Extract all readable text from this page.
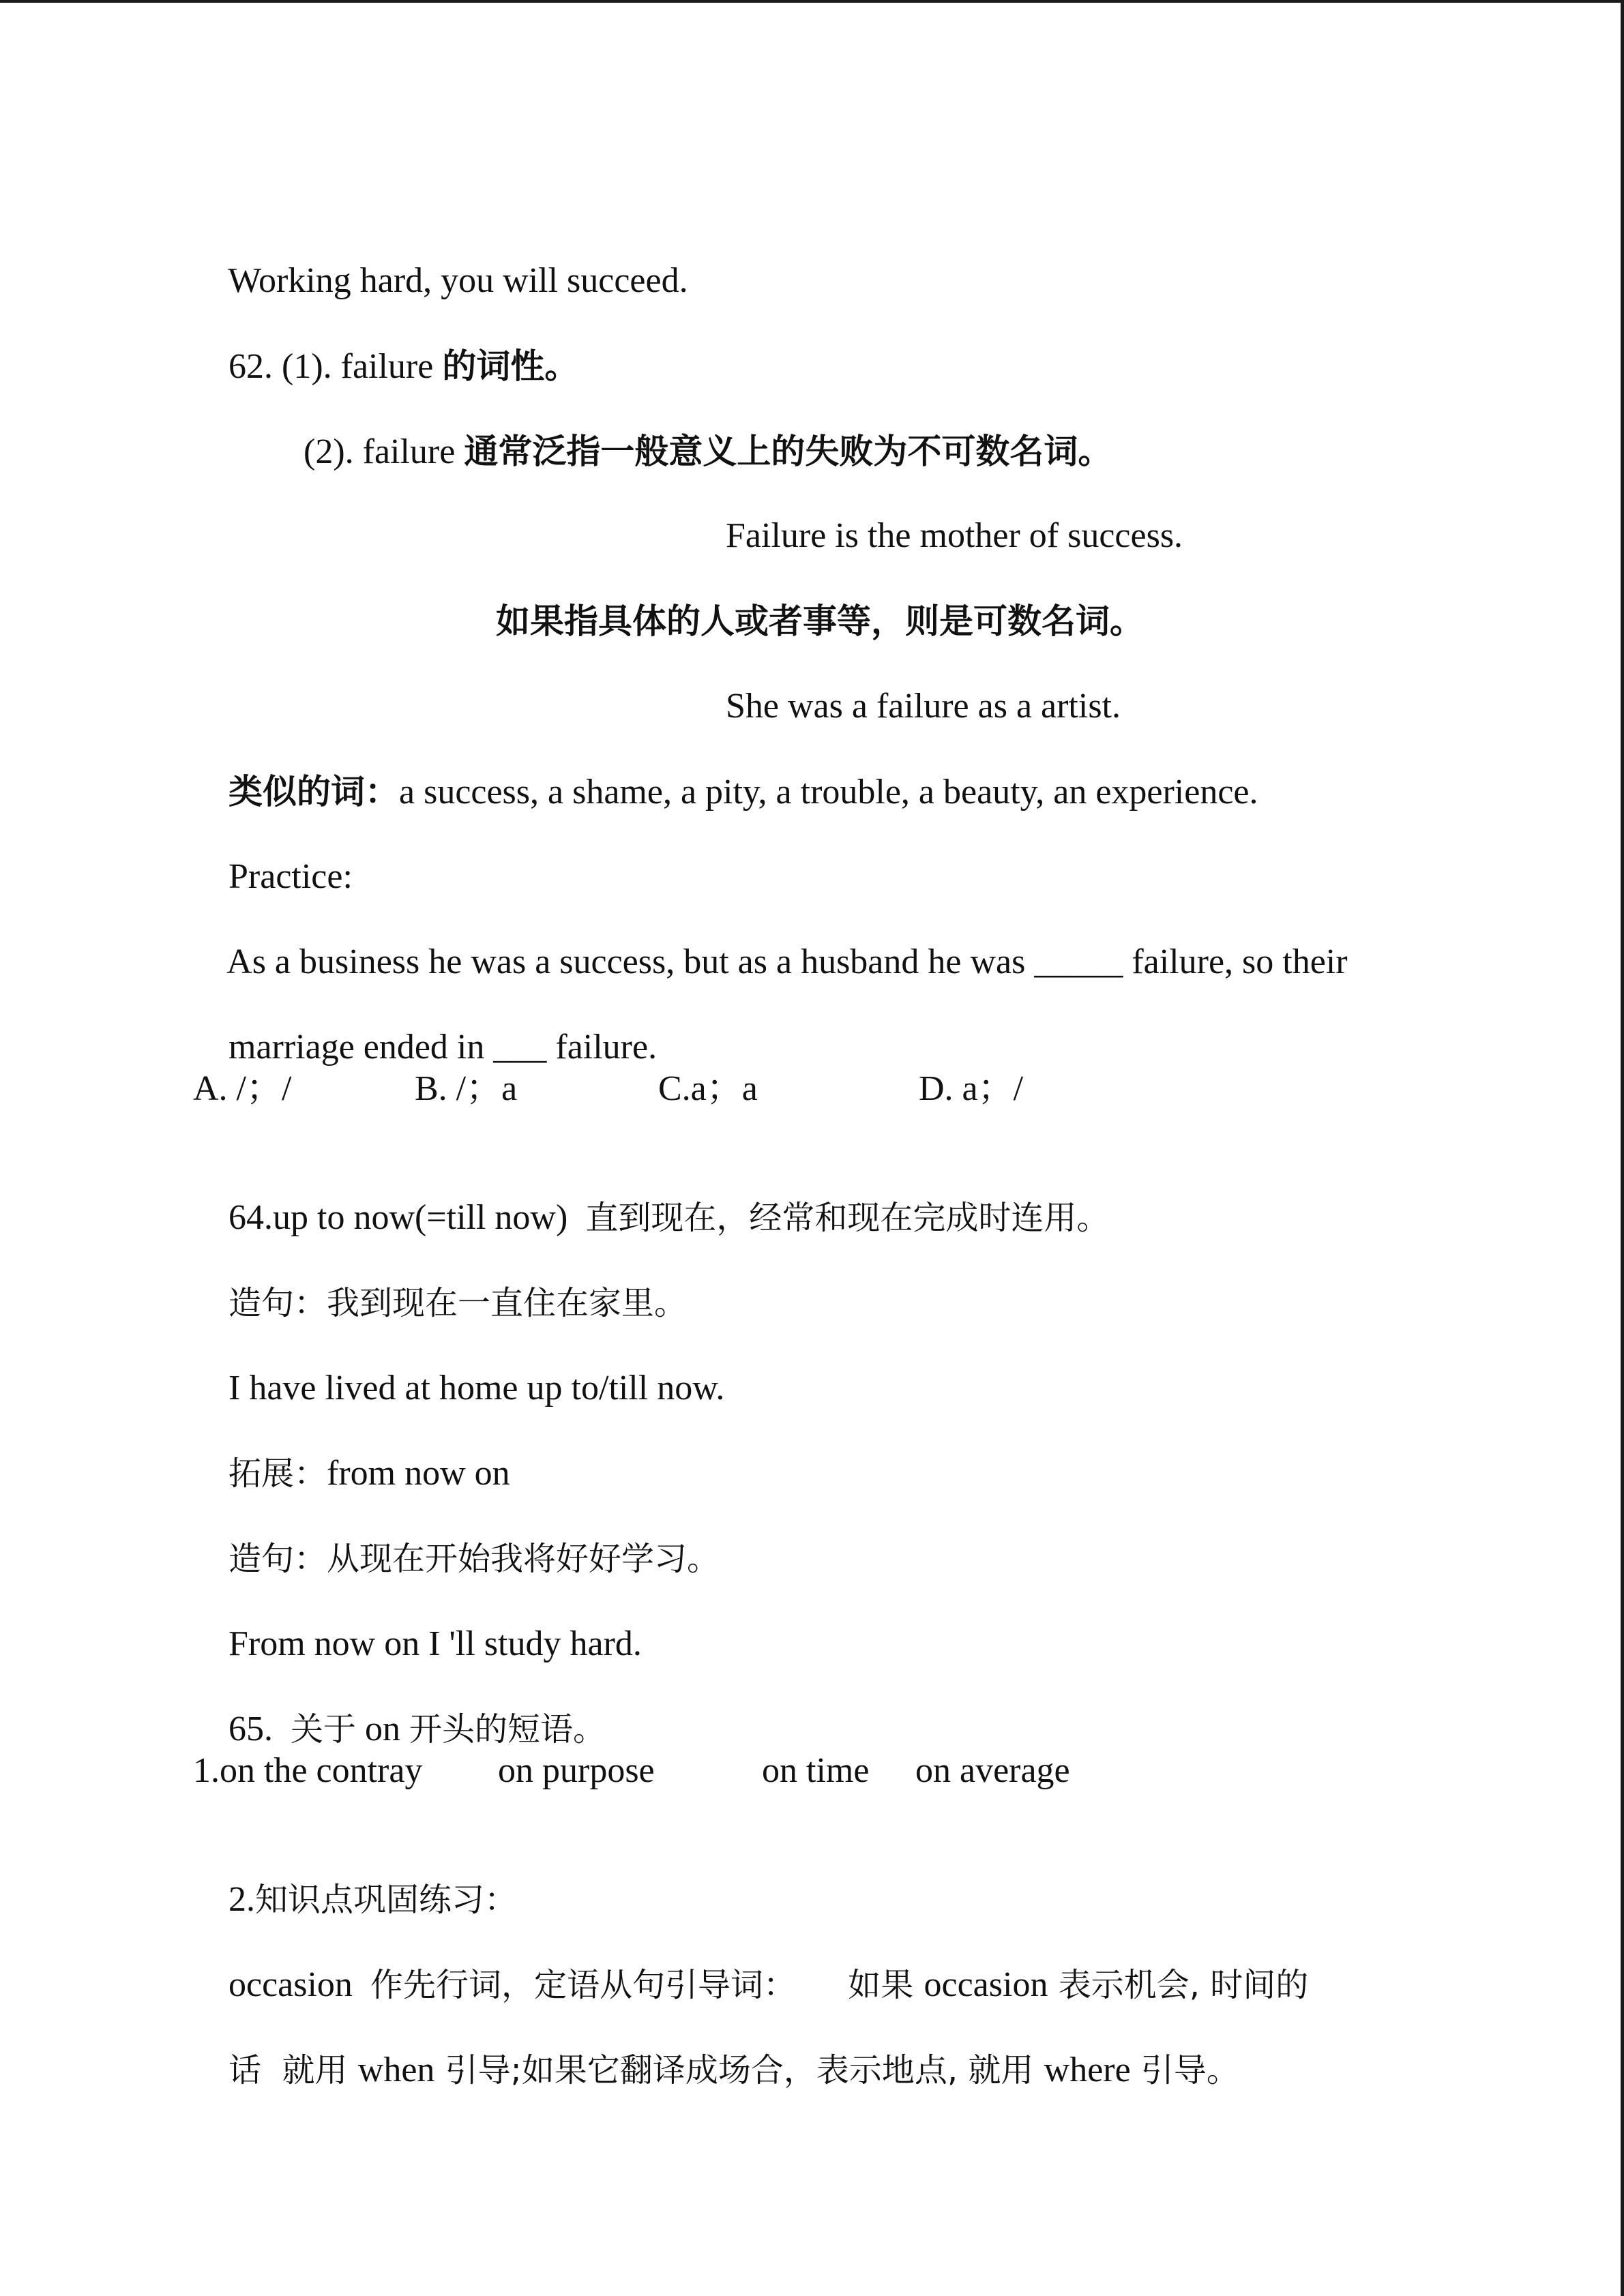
Working hard, you will succeed.

62. (1). failure 的词性。

(2). failure 通常泛指一般意义上的失败为不可数名词。

Failure is the mother of success.

如果指具体的人或者事等，则是可数名词。

She was a failure as a artist.

类似的词：a success, a shame, a pity, a trouble, a beauty, an experience.

Practice:

As a business he was a success, but as a husband he was _____ failure, so their

marriage ended in ___ failure.

A. /；/	B. /；a	C.a；a	D. a；/

64.up to now(=till now)  直到现在，经常和现在完成时连用。

造句：我到现在一直住在家里。

I have lived at home up to/till now.

拓展：from now on

造句：从现在开始我将好好学习。

From now on I 'll study hard.

65.  关于 on 开头的短语。

1.on the contray on purpose	on time on average

2.知识点巩固练习：

occasion  作先行词，定语从句引导词：     如果 occasion 表示机会, 时间的

话  就用 when 引导;如果它翻译成场合，表示地点, 就用 where 引导。
